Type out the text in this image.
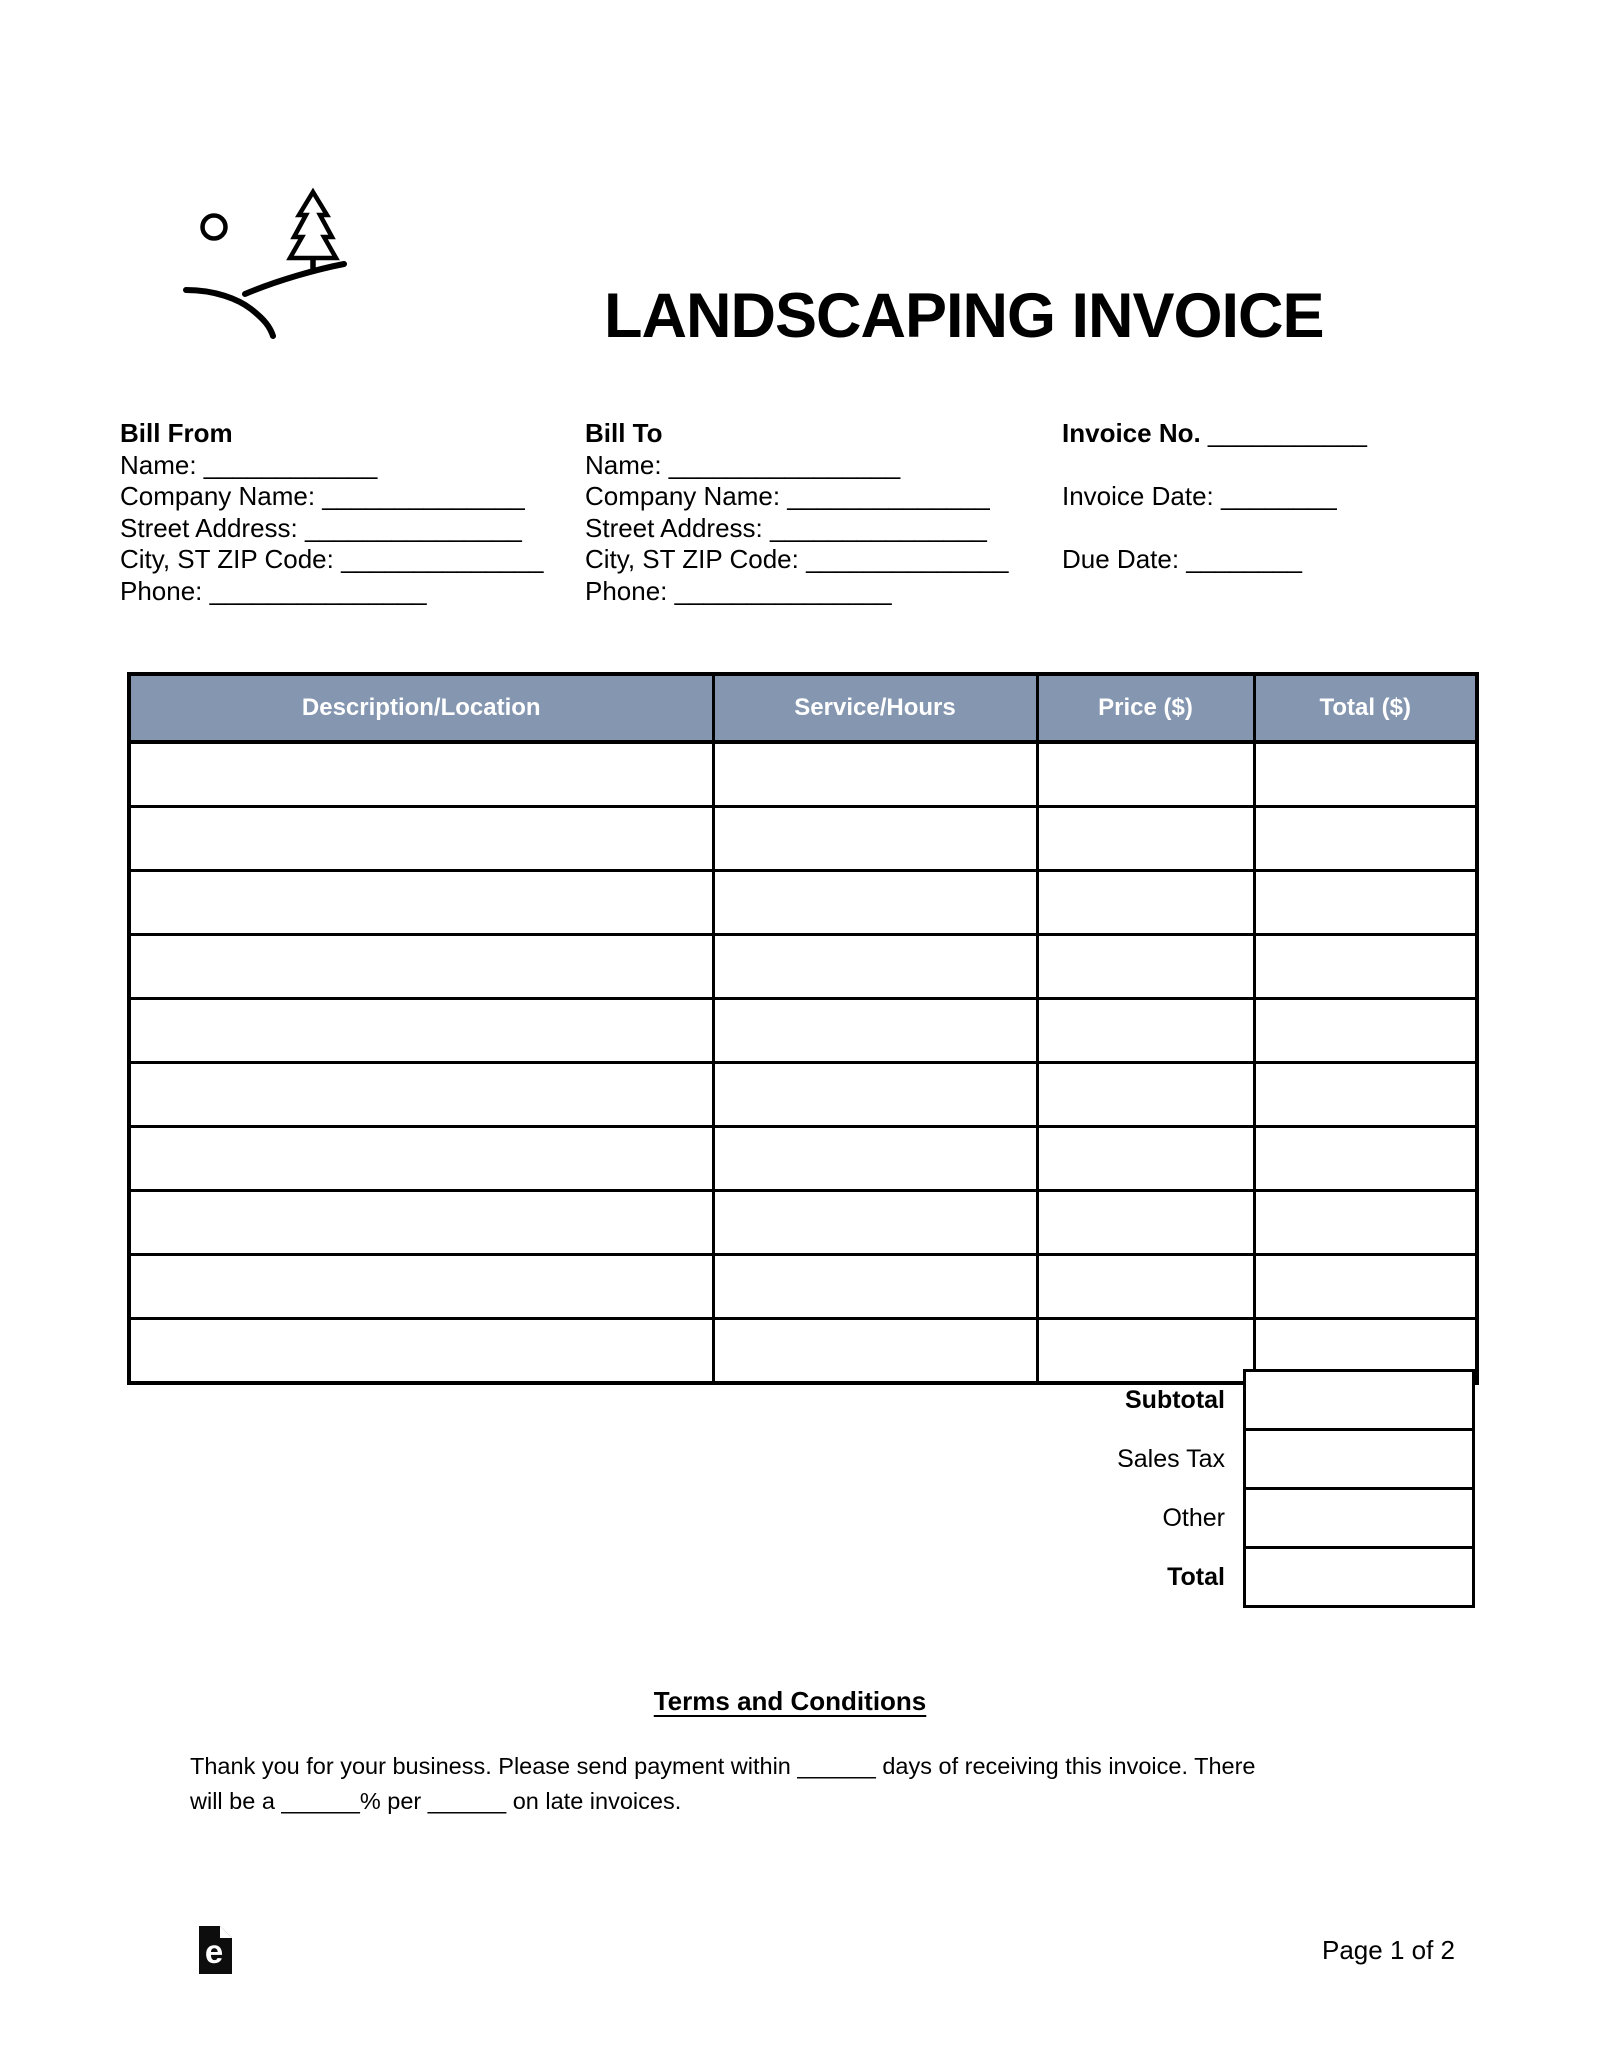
LANDSCAPING INVOICE
Bill From
Name: ____________
Company Name: ______________
Street Address: _______________
City, ST ZIP Code: ______________
Phone: _______________
Bill To
Name: ________________
Company Name: ______________
Street Address: _______________
City, ST ZIP Code: ______________
Phone: _______________
Invoice No. ___________
Invoice Date: ________
Due Date: ________
Description/Location	Service/Hours	Price ($)	Total ($)

Subtotal
Sales Tax
Other
Total
Terms and Conditions
Thank you for your business. Please send payment within ______ days of receiving this invoice. There
will be a ______% per ______ on late invoices.
e	Page 1 of 2
